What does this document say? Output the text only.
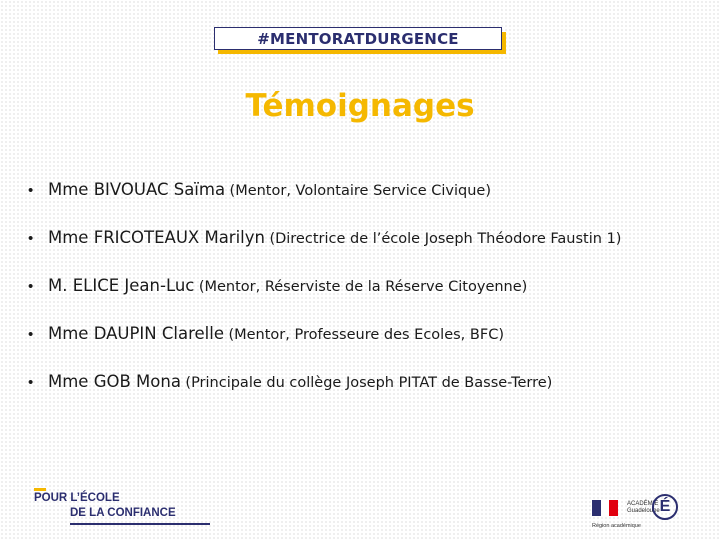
#MENTORATDURGENCE
Témoignages
• Mme BIVOUAC Saïma (Mentor, Volontaire Service Civique)
• Mme FRICOTEAUX Marilyn (Directrice de l’école Joseph Théodore Faustin 1)
• M. ELICE Jean-Luc (Mentor, Réserviste de la Réserve Citoyenne)
• Mme DAUPIN Clarelle (Mentor, Professeure des Ecoles, BFC)
• Mme GOB Mona (Principale du collège Joseph PITAT de Basse-Terre)
POUR L’ÉCOLE
DE LA CONFIANCE
ACADÉMIE
Guadeloupe É
Région académique
